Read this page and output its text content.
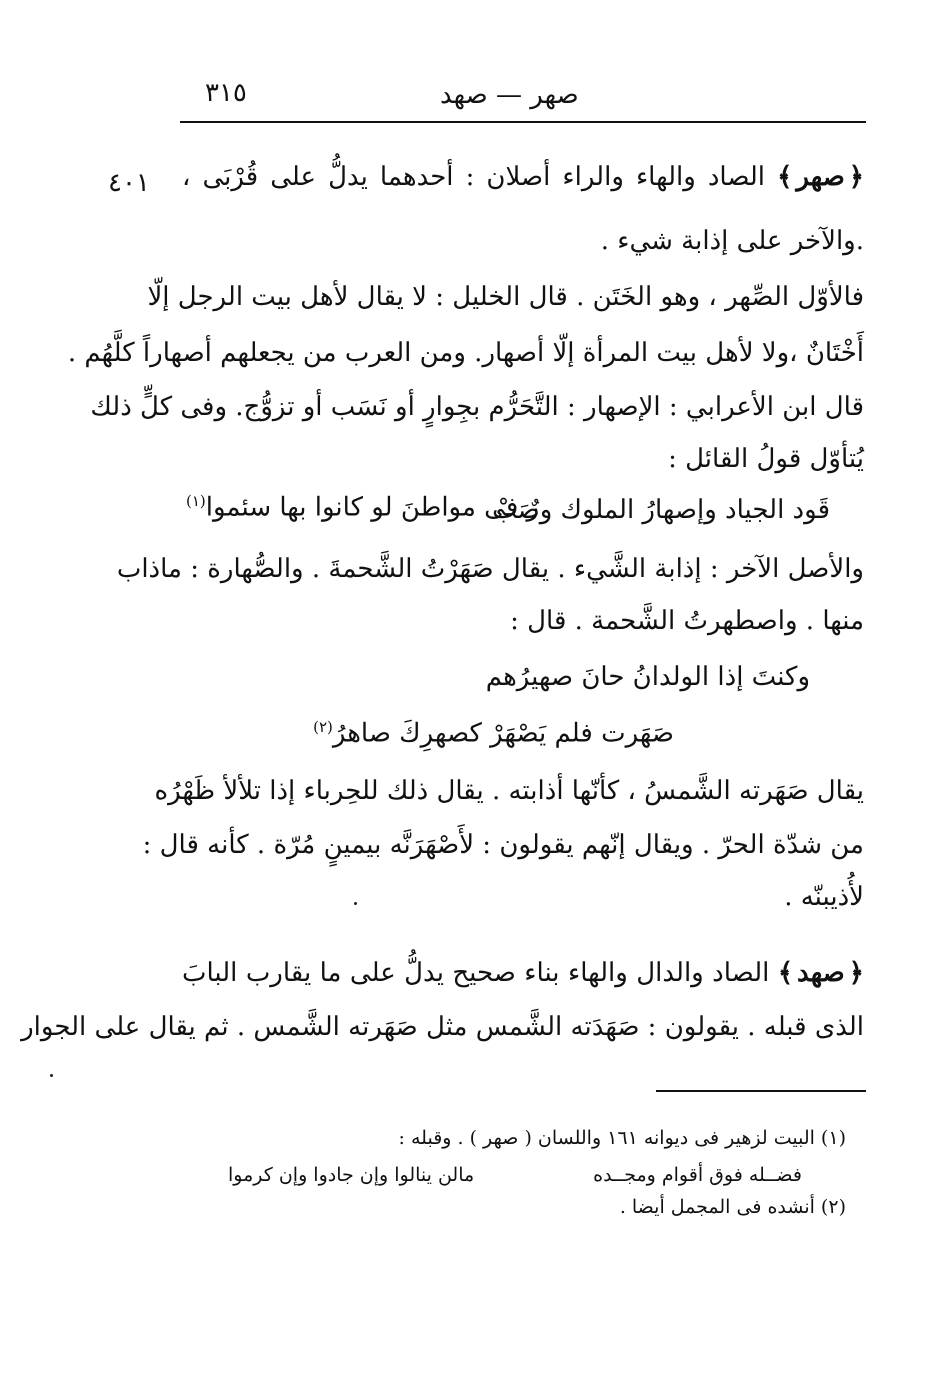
٣١٥	صهر — صهد
٤٠١	﴿صهر﴾ الصاد والهاء والراء أصلان : أحدهما يدلُّ على قُرْبَى ،
.والآخر على إذابة شيء .
فالأوّل الصِّهر ، وهو الخَتَن . قال الخليل : لا يقال لأهل بيت الرجل إلّا
أَخْتَانٌ ،ولا لأهل بيت المرأة إلّا أصهار. ومن العرب من يجعلهم أصهاراً كلَّهُم .
قال ابن الأعرابي : الإصهار : التَّحَرُّم بجِوارٍ أو نَسَب أو تزوُّج. وفى كلٍّ ذلك
يُتأوّل قولُ القائل :
قَود الجياد وإصهارُ الملوك وصَبْ
رٌ فى مواطنَ لو كانوا بها سئموا$^{(١)}$
والأصل الآخر : إذابة الشَّيء . يقال صَهَرْتُ الشَّحمةَ . والصُّهارة : ماذاب
منها . واصطهرتُ الشَّحمة . قال :
وكنتَ إذا الولدانُ حانَ صهيرُهم
صَهَرت فلم يَصْهَرْ كصهرِكَ صاهرُ$^{(٢)}$
يقال صَهَرته الشَّمسُ ، كأنّها أذابته . يقال ذلك للحِرباء إذا تلألأ ظَهْرُه
من شدّة الحرّ . ويقال إنّهم يقولون : لأَصْهَرَنَّه بيمينٍ مُرّة . كأنه قال :
لأُذيبنّه .
﴿صهد﴾ الصاد والدال والهاء بناء صحيح يدلُّ على ما يقارب البابَ
الذى قبله . يقولون : صَهَدَته الشَّمس مثل صَهَرته الشَّمس . ثم يقال على الجوار
(١) البيت لزهير فى ديوانه ١٦١ واللسان ( صهر ) . وقبله :
فضــله فوق أقوام ومجــده
مالن ينالوا وإن جادوا وإن كرموا
(٢) أنشده فى المجمل أيضا .
